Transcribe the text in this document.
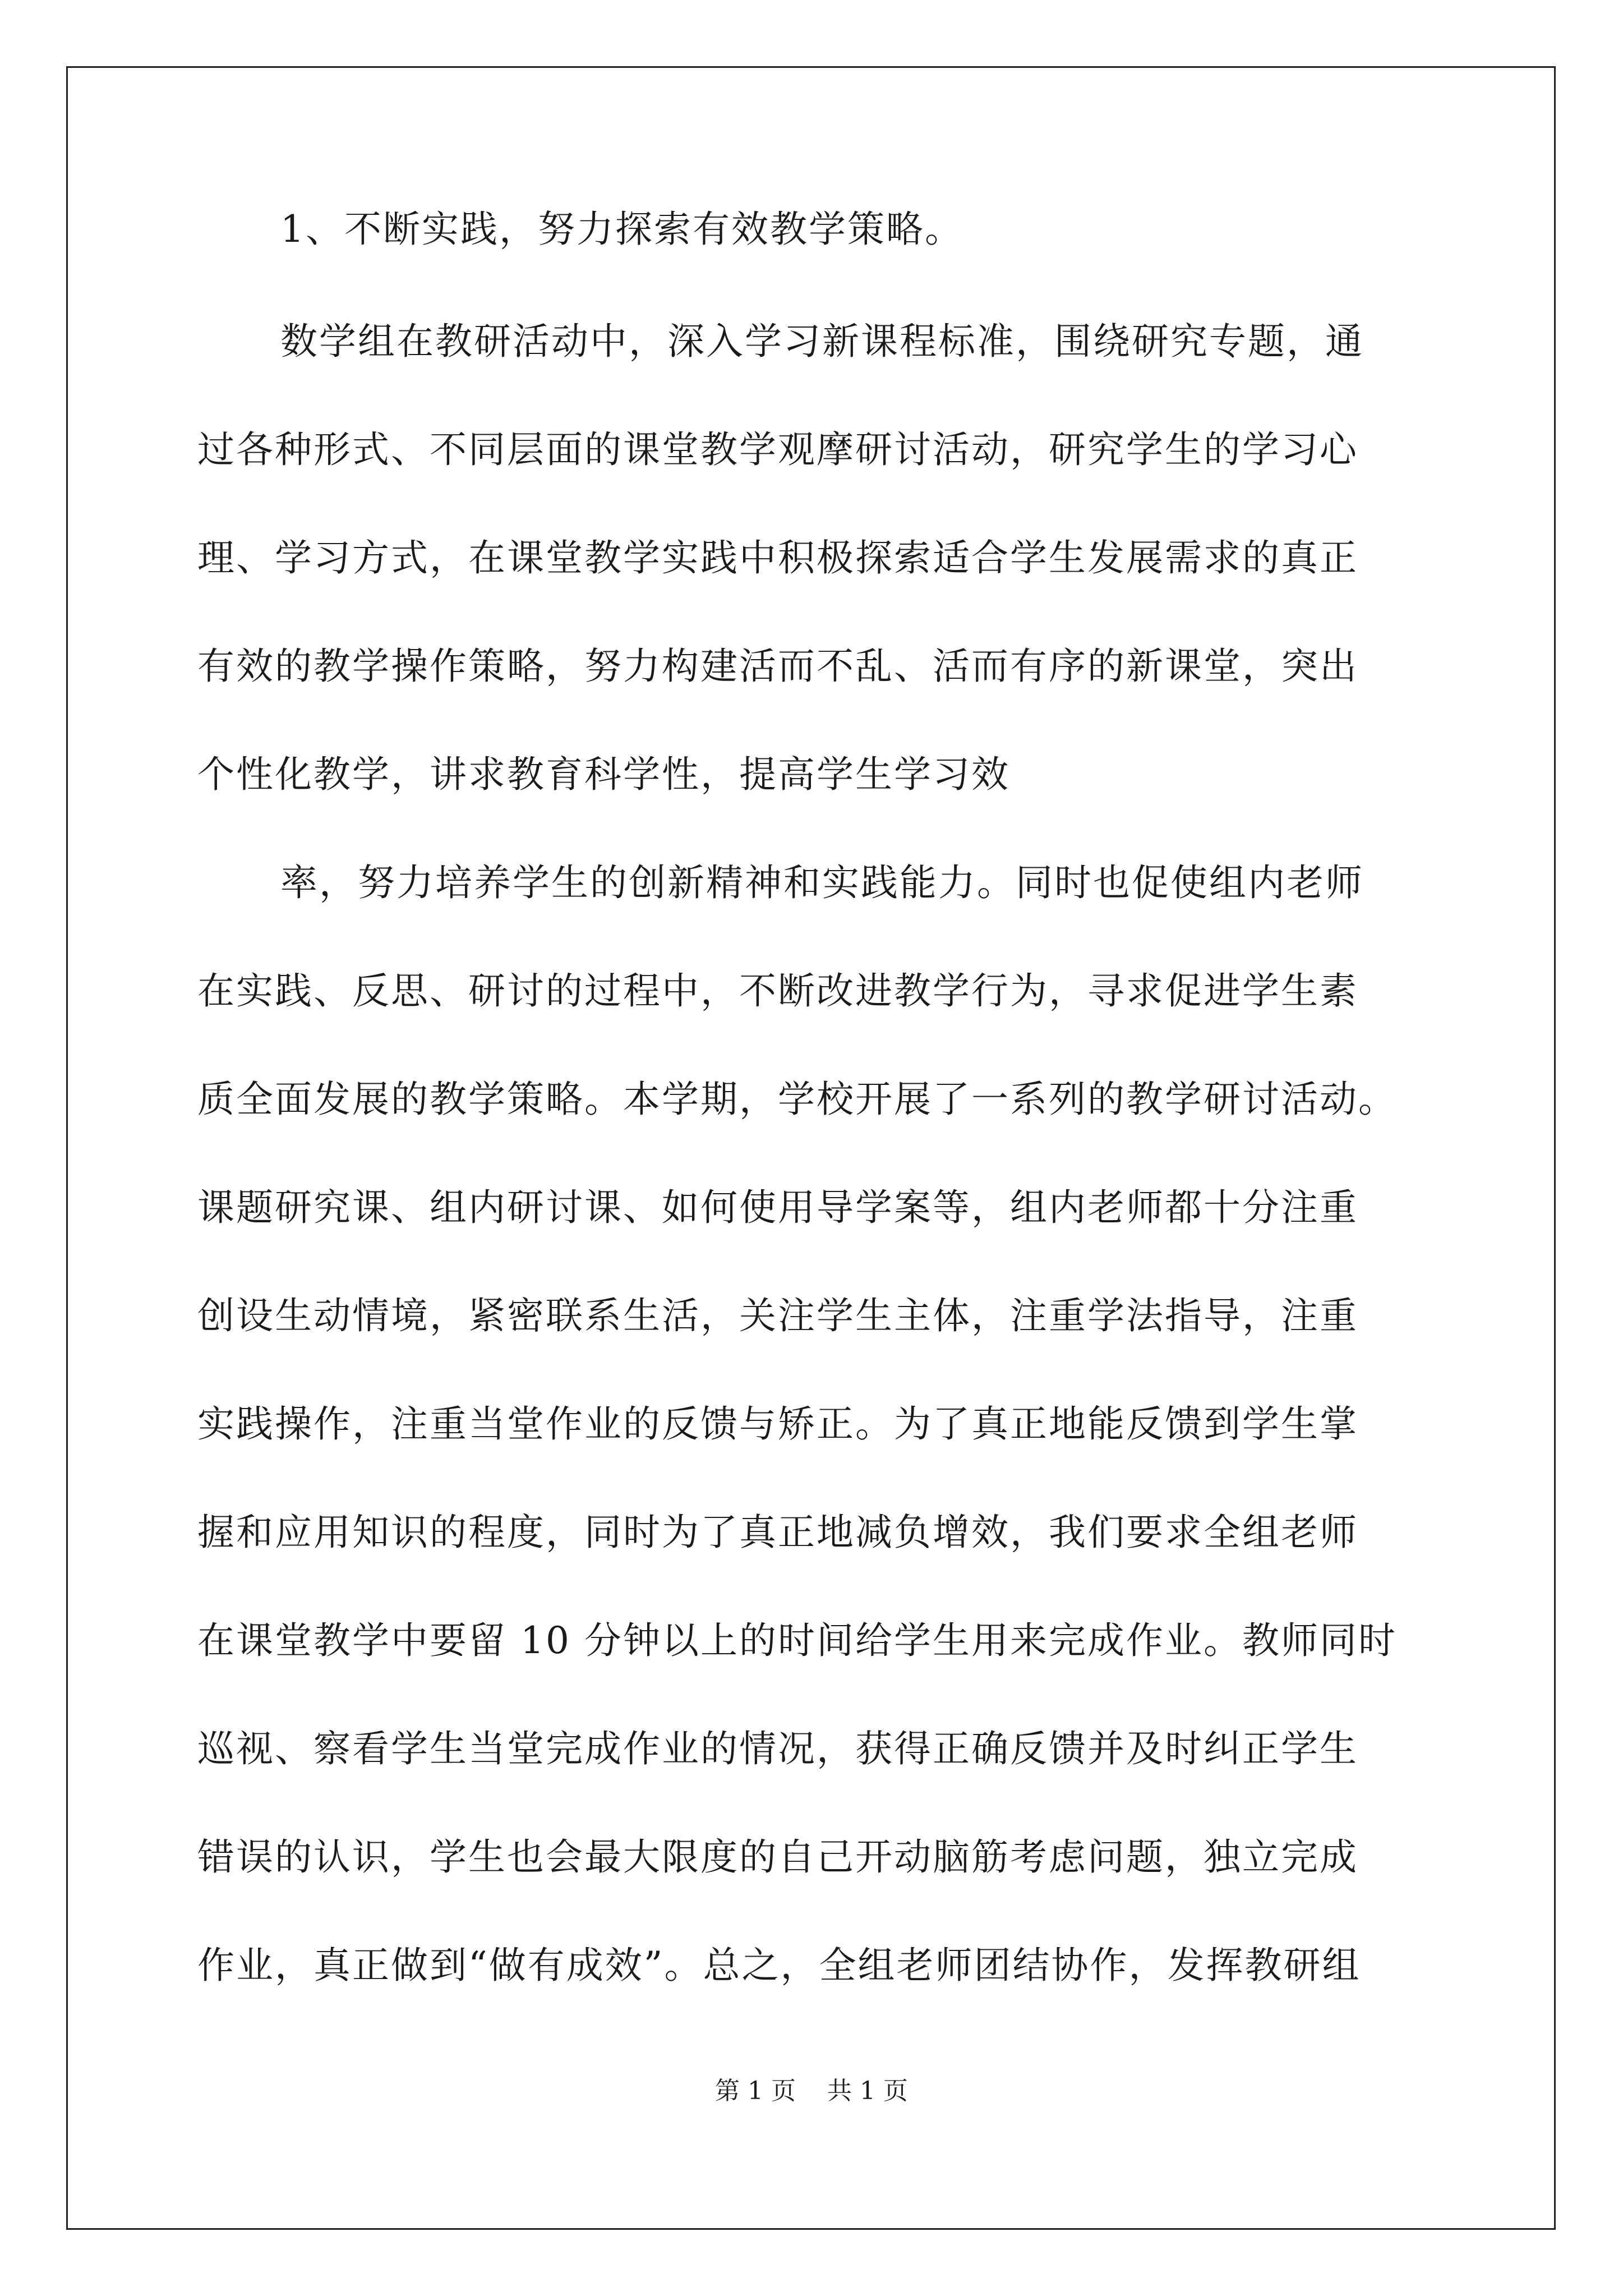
1、不断实践，努力探索有效教学策略。
数学组在教研活动中，深入学习新课程标准，围绕研究专题，通
过各种形式、不同层面的课堂教学观摩研讨活动，研究学生的学习心
理、学习方式，在课堂教学实践中积极探索适合学生发展需求的真正
有效的教学操作策略，努力构建活而不乱、活而有序的新课堂，突出
个性化教学，讲求教育科学性，提高学生学习效
率，努力培养学生的创新精神和实践能力。同时也促使组内老师
在实践、反思、研讨的过程中，不断改进教学行为，寻求促进学生素
质全面发展的教学策略。本学期，学校开展了一系列的教学研讨活动。
课题研究课、组内研讨课、如何使用导学案等，组内老师都十分注重
创设生动情境，紧密联系生活，关注学生主体，注重学法指导，注重
实践操作，注重当堂作业的反馈与矫正。为了真正地能反馈到学生掌
握和应用知识的程度，同时为了真正地减负增效，我们要求全组老师
在课堂教学中要留 10 分钟以上的时间给学生用来完成作业。教师同时
巡视、察看学生当堂完成作业的情况，获得正确反馈并及时纠正学生
错误的认识，学生也会最大限度的自己开动脑筋考虑问题，独立完成
作业，真正做到“做有成效”。总之，全组老师团结协作，发挥教研组
第 1 页    共 1 页
